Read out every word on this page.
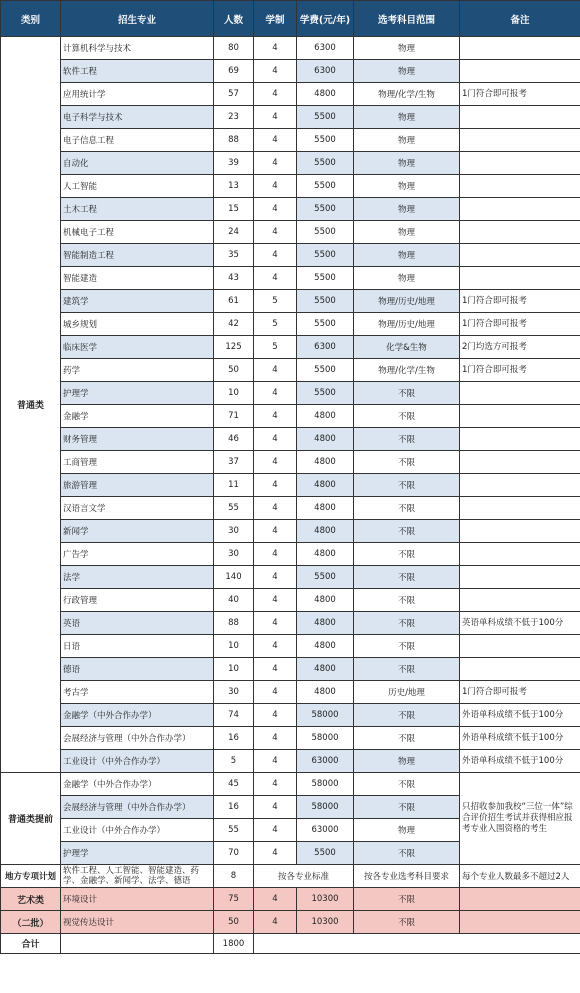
类别	招生专业	人数	学制	学费(元/年)	选考科目范围	备注
普通类	计算机科学与技术	80	4	6300	物理	
	软件工程	69	4	6300	物理	
	应用统计学	57	4	4800	物理/化学/生物	1门符合即可报考
	电子科学与技术	23	4	5500	物理	
	电子信息工程	88	4	5500	物理	
	自动化	39	4	5500	物理	
	人工智能	13	4	5500	物理	
	土木工程	15	4	5500	物理	
	机械电子工程	24	4	5500	物理	
	智能制造工程	35	4	5500	物理	
	智能建造	43	4	5500	物理	
	建筑学	61	5	5500	物理/历史/地理	1门符合即可报考
	城乡规划	42	5	5500	物理/历史/地理	1门符合即可报考
	临床医学	125	5	6300	化学&生物	2门均选方可报考
	药学	50	4	5500	物理/化学/生物	1门符合即可报考
	护理学	10	4	5500	不限	
	金融学	71	4	4800	不限	
	财务管理	46	4	4800	不限	
	工商管理	37	4	4800	不限	
	旅游管理	11	4	4800	不限	
	汉语言文学	55	4	4800	不限	
	新闻学	30	4	4800	不限	
	广告学	30	4	4800	不限	
	法学	140	4	5500	不限	
	行政管理	40	4	4800	不限	
	英语	88	4	4800	不限	英语单科成绩不低于100分
	日语	10	4	4800	不限	
	德语	10	4	4800	不限	
	考古学	30	4	4800	历史/地理	1门符合即可报考
	金融学（中外合作办学）	74	4	58000	不限	外语单科成绩不低于100分
	会展经济与管理（中外合作办学）	16	4	58000	不限	外语单科成绩不低于100分
	工业设计（中外合作办学）	5	4	63000	物理	外语单科成绩不低于100分
普通类提前	金融学（中外合作办学）	45	4	58000	不限	只招收参加我校“三位一体”综合评价招生考试并获得相应报考专业入围资格的考生
	会展经济与管理（中外合作办学）	16	4	58000	不限	
	工业设计（中外合作办学）	55	4	63000	物理	
	护理学	70	4	5500	不限	
地方专项计划	软件工程、人工智能、智能建造、药学、金融学、新闻学、法学、德语	8	按各专业标准		按各专业选考科目要求	每个专业人数最多不超过2人
艺术类	环境设计	75	4	10300	不限	
（二批）	视觉传达设计	50	4	10300	不限	
合计		1800				
